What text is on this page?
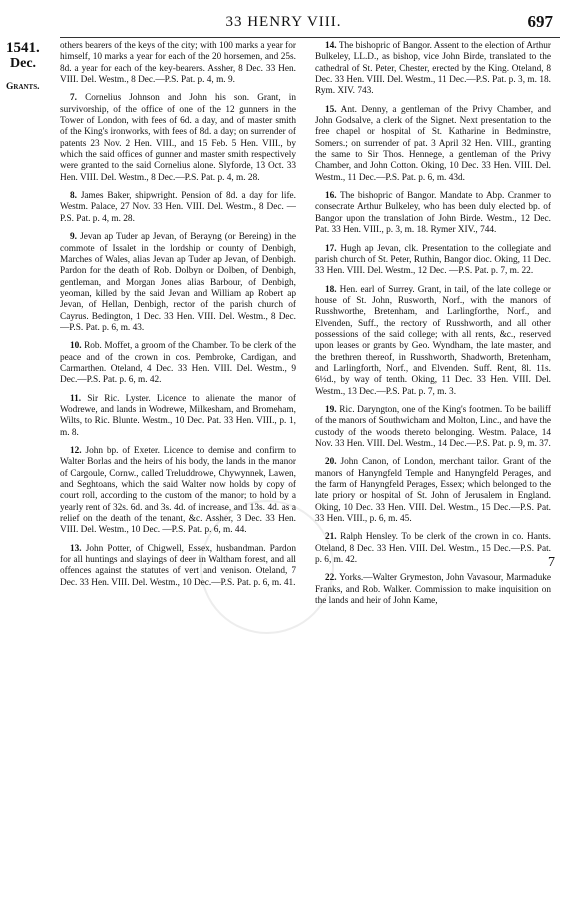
33 HENRY VIII.	697
1541.
Dec.
Grants.

others bearers of the keys of the city; with 100 marks a year for himself, 10 marks a year for each of the 20 horsemen, and 25s. 8d. a year for each of the key-bearers. Assher, 8 Dec. 33 Hen. VIII. Del. Westm., 8 Dec.—P.S. Pat. p. 4, m. 9.

7. Cornelius Johnson and John his son. Grant, in survivorship, of the office of one of the 12 gunners in the Tower of London, with fees of 6d. a day, and of master smith of the King's ironworks, with fees of 8d. a day; on surrender of patents 23 Nov. 2 Hen. VIII., and 15 Feb. 5 Hen. VIII., by which the said offices of gunner and master smith respectively were granted to the said Cornelius alone. Slyforde, 13 Oct. 33 Hen. VIII. Del. Westm., 8 Dec.—P.S. Pat. p. 4, m. 28.

8. James Baker, shipwright. Pension of 8d. a day for life. Westm. Palace, 27 Nov. 33 Hen. VIII. Del. Westm., 8 Dec. —P.S. Pat. p. 4, m. 28.

9. Jevan ap Tuder ap Jevan, of Berayng (or Bereing) in the commote of Issalet in the lordship or county of Denbigh, Marches of Wales, alias Jevan ap Tuder ap Jevan, of Denbigh. Pardon for the death of Rob. Dolbyn or Dolben, of Denbigh, gentleman, and Morgan Jones alias Barbour, of Denbigh, yeoman, killed by the said Jevan and William ap Robert ap Jevan, of Hellan, Denbigh, rector of the parish church of Cayrus. Bedington, 1 Dec. 33 Hen. VIII. Del. Westm., 8 Dec.—P.S. Pat. p. 6, m. 43.

10. Rob. Moffet, a groom of the Chamber. To be clerk of the peace and of the crown in cos. Pembroke, Cardigan, and Carmarthen. Oteland, 4 Dec. 33 Hen. VIII. Del. Westm., 9 Dec.—P.S. Pat. p. 6, m. 42.

11. Sir Ric. Lyster. Licence to alienate the manor of Wodrewe, and lands in Wodrewe, Milkesham, and Bromeham, Wilts, to Ric. Blunte. Westm., 10 Dec. Pat. 33 Hen. VIII., p. 1, m. 8.

12. John bp. of Exeter. Licence to demise and confirm to Walter Borlas and the heirs of his body, the lands in the manor of Cargoule, Cornw., called Treluddrowe, Chywynnek, Lawen, and Seghtoans, which the said Walter now holds by copy of court roll, according to the custom of the manor; to hold by a yearly rent of 32s. 6d. and 3s. 4d. of increase, and 13s. 4d. as a relief on the death of the tenant, &c. Assher, 3 Dec. 33 Hen. VIII. Del. Westm., 10 Dec. —P.S. Pat. p. 6, m. 44.

13. John Potter, of Chigwell, Essex, husbandman. Pardon for all huntings and slayings of deer in Waltham forest, and all offences against the statutes of vert and venison. Oteland, 7 Dec. 33 Hen. VIII. Del. Westm., 10 Dec.—P.S. Pat. p. 6, m. 41.

14. The bishopric of Bangor. Assent to the election of Arthur Bulkeley, LL.D., as bishop, vice John Birde, translated to the cathedral of St. Peter, Chester, erected by the King. Oteland, 8 Dec. 33 Hen. VIII. Del. Westm., 11 Dec.—P.S. Pat. p. 3, m. 18. Rym. XIV. 743.

15. Ant. Denny, a gentleman of the Privy Chamber, and John Godsalve, a clerk of the Signet. Next presentation to the free chapel or hospital of St. Katharine in Bedminstre, Somers.; on surrender of pat. 3 April 32 Hen. VIII., granting the same to Sir Thos. Hennege, a gentleman of the Privy Chamber, and John Cotton. Oking, 10 Dec. 33 Hen. VIII. Del. Westm., 11 Dec.—P.S. Pat. p. 6, m. 43d.

16. The bishopric of Bangor. Mandate to Abp. Cranmer to consecrate Arthur Bulkeley, who has been duly elected bp. of Bangor upon the translation of John Birde. Westm., 12 Dec. Pat. 33 Hen. VIII., p. 3, m. 18. Rymer XIV., 744.

17. Hugh ap Jevan, clk. Presentation to the collegiate and parish church of St. Peter, Ruthin, Bangor dioc. Oking, 11 Dec. 33 Hen. VIII. Del. Westm., 12 Dec. —P.S. Pat. p. 7, m. 22.

18. Hen. earl of Surrey. Grant, in tail, of the late college or house of St. John, Rusworth, Norf., with the manors of Russhworthe, Bretenham, and Larlingforthe, Norf., and Elvenden, Suff., the rectory of Russhworth, and all other possessions of the said college; with all rents, &c., reserved upon leases or grants by Geo. Wyndham, the late master, and the brethren thereof, in Russhworth, Shadworth, Bretenham, and Larlingforth, Norf., and Elvenden. Suff. Rent, 8l. 11s. 6½d., by way of tenth. Oking, 11 Dec. 33 Hen. VIII. Del. Westm., 13 Dec.—P.S. Pat. p. 7, m. 3.

19. Ric. Daryngton, one of the King's footmen. To be bailiff of the manors of Southwicham and Molton, Linc., and have the custody of the woods thereto belonging. Westm. Palace, 14 Nov. 33 Hen. VIII. Del. Westm., 14 Dec.—P.S. Pat. p. 9, m. 37.

20. John Canon, of London, merchant tailor. Grant of the manors of Hanyngfeld Temple and Hanyngfeld Perages, and the farm of Hanyngfeld Perages, Essex; which belonged to the late priory or hospital of St. John of Jerusalem in England. Oking, 10 Dec. 33 Hen. VIII. Del. Westm., 15 Dec.—P.S. Pat. 33 Hen. VIII., p. 6, m. 45.

21. Ralph Hensley. To be clerk of the crown in co. Hants. Oteland, 8 Dec. 33 Hen. VIII. Del. Westm., 15 Dec.—P.S. Pat. p. 6, m. 42.

22. Yorks.—Walter Grymeston, John Vavasour, Marmaduke Franks, and Rob. Walker. Commission to make inquisition on the lands and heir of John Kame,

7
